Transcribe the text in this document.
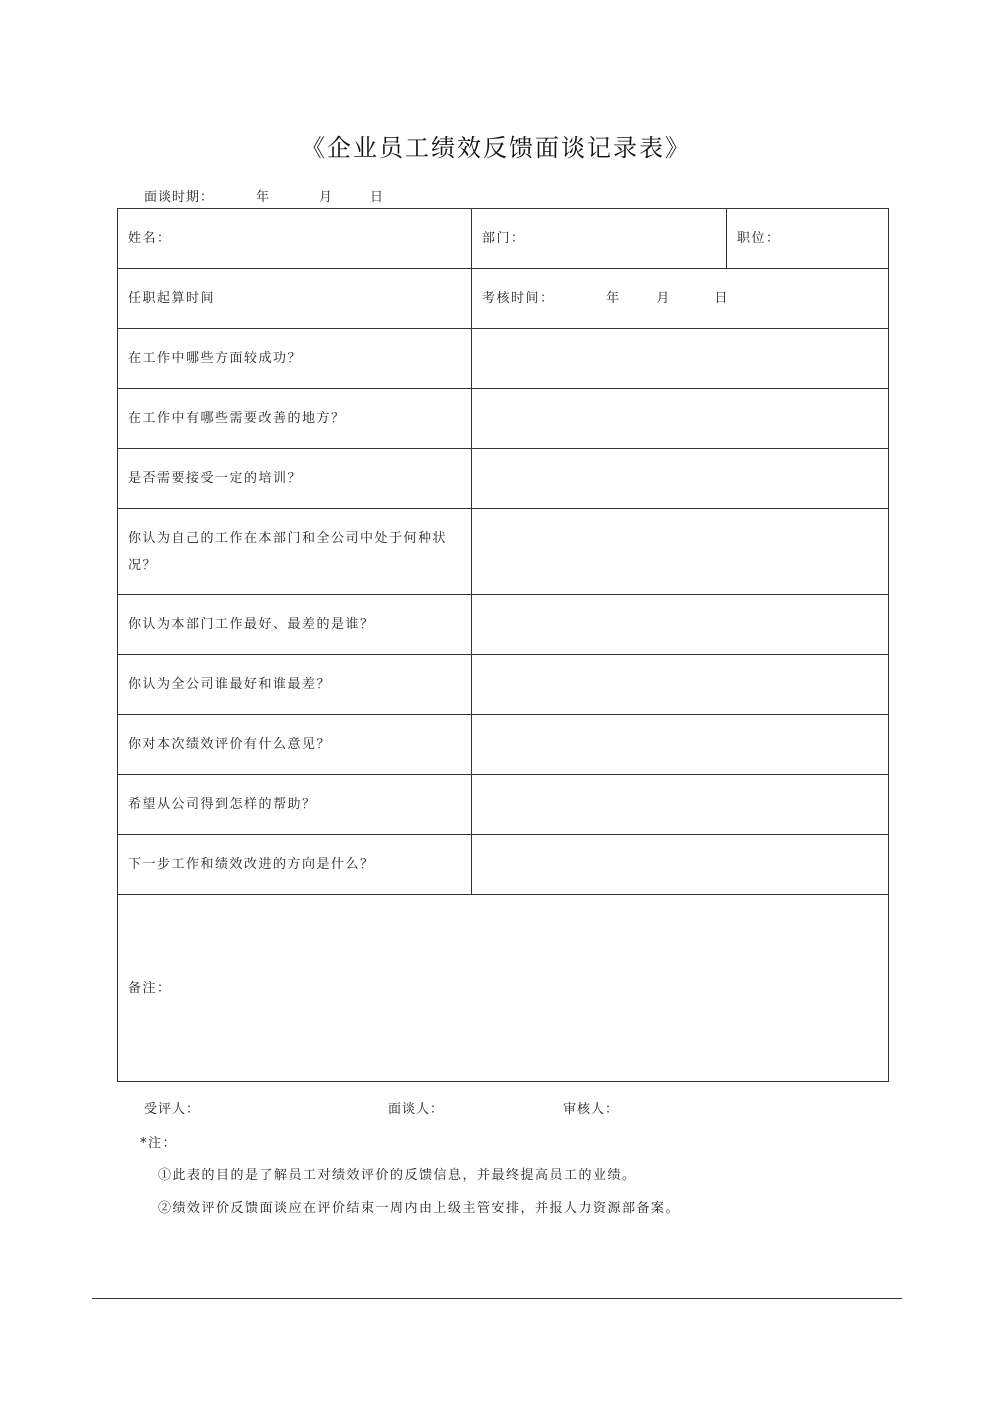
《企业员工绩效反馈面谈记录表》
面谈时期：	年	月	日
姓名：	部门：	职位：
任职起算时间	考核时间： 年 月 日	
在工作中哪些方面较成功？		
在工作中有哪些需要改善的地方？		
是否需要接受一定的培训？		
你认为自己的工作在本部门和全公司中处于何种状况？		
你认为本部门工作最好、最差的是谁？		
你认为全公司谁最好和谁最差？		
你对本次绩效评价有什么意见？		
希望从公司得到怎样的帮助？		
下一步工作和绩效改进的方向是什么？		
备注：		
受评人：	面谈人：	审核人：
*注：
①此表的目的是了解员工对绩效评价的反馈信息，并最终提高员工的业绩。
②绩效评价反馈面谈应在评价结束一周内由上级主管安排，并报人力资源部备案。
